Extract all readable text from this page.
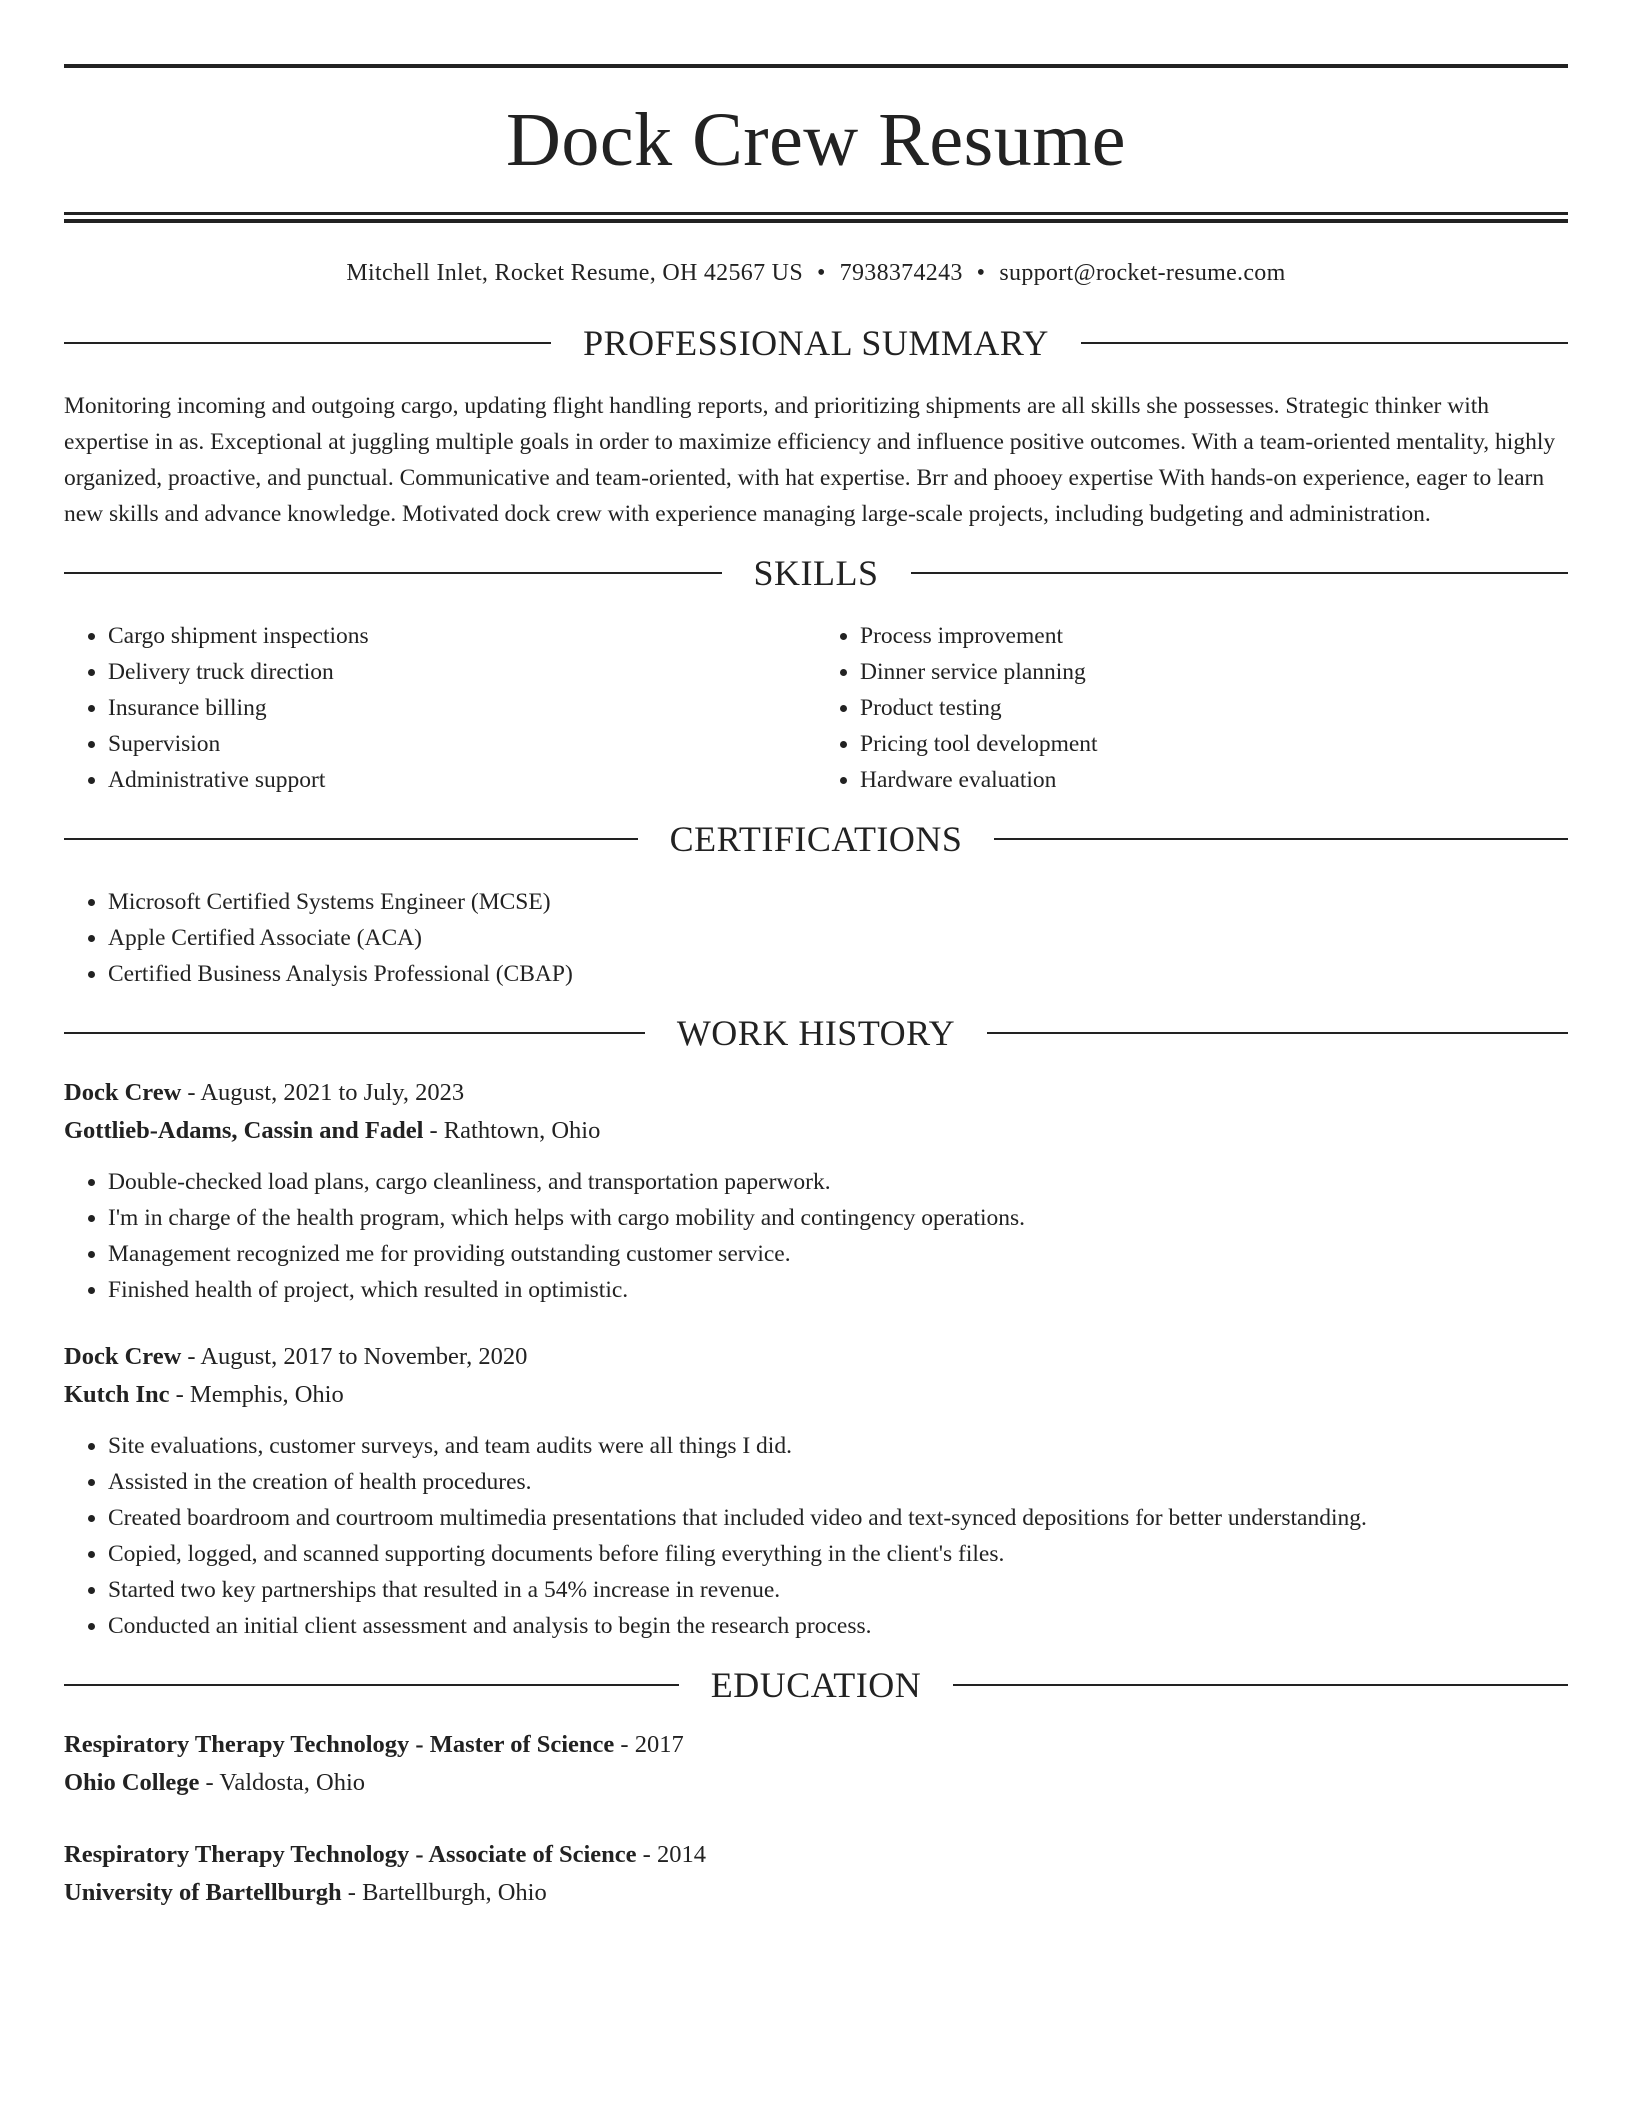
Dock Crew Resume

Mitchell Inlet, Rocket Resume, OH 42567 US • 7938374243 • support@rocket-resume.com

PROFESSIONAL SUMMARY

Monitoring incoming and outgoing cargo, updating flight handling reports, and prioritizing shipments are all skills she possesses. Strategic thinker with expertise in as. Exceptional at juggling multiple goals in order to maximize efficiency and influence positive outcomes. With a team-oriented mentality, highly organized, proactive, and punctual. Communicative and team-oriented, with hat expertise. Brr and phooey expertise With hands-on experience, eager to learn new skills and advance knowledge. Motivated dock crew with experience managing large-scale projects, including budgeting and administration.

SKILLS
• Cargo shipment inspections
• Delivery truck direction
• Insurance billing
• Supervision
• Administrative support
• Process improvement
• Dinner service planning
• Product testing
• Pricing tool development
• Hardware evaluation
CERTIFICATIONS
• Microsoft Certified Systems Engineer (MCSE)
• Apple Certified Associate (ACA)
• Certified Business Analysis Professional (CBAP)
WORK HISTORY

Dock Crew - August, 2021 to July, 2023

Gottlieb-Adams, Cassin and Fadel - Rathtown, Ohio

• Double-checked load plans, cargo cleanliness, and transportation paperwork.
• I'm in charge of the health program, which helps with cargo mobility and contingency operations.
• Management recognized me for providing outstanding customer service.
• Finished health of project, which resulted in optimistic.

Dock Crew - August, 2017 to November, 2020

Kutch Inc - Memphis, Ohio

• Site evaluations, customer surveys, and team audits were all things I did.
• Assisted in the creation of health procedures.
• Created boardroom and courtroom multimedia presentations that included video and text-synced depositions for better understanding.
• Copied, logged, and scanned supporting documents before filing everything in the client's files.
• Started two key partnerships that resulted in a 54% increase in revenue.
• Conducted an initial client assessment and analysis to begin the research process.
EDUCATION

Respiratory Therapy Technology - Master of Science - 2017

Ohio College - Valdosta, Ohio

Respiratory Therapy Technology - Associate of Science - 2014

University of Bartellburgh - Bartellburgh, Ohio
